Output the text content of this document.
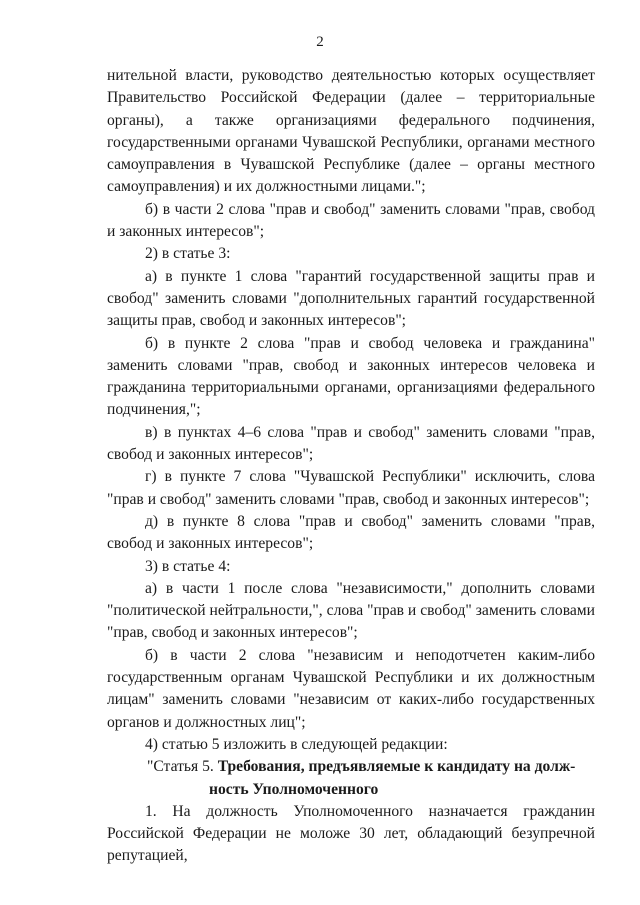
2

нительной власти, руководство деятельностью которых осуществляет Правительство Российской Федерации (далее – территориальные органы), а также организациями федерального подчинения, государственными органами Чувашской Республики, органами местного самоуправления в Чувашской Республике (далее – органы местного самоуправления) и их должностными лицами.";

б) в части 2 слова "прав и свобод" заменить словами "прав, свобод и законных интересов";

2) в статье 3:

а) в пункте 1 слова "гарантий государственной защиты прав и свобод" заменить словами "дополнительных гарантий государственной защиты прав, свобод и законных интересов";

б) в пункте 2 слова "прав и свобод человека и гражданина" заменить словами "прав, свобод и законных интересов человека и гражданина территориальными органами, организациями федерального подчинения,";

в) в пунктах 4–6 слова "прав и свобод" заменить словами "прав, свобод и законных интересов";

г) в пункте 7 слова "Чувашской Республики" исключить, слова "прав и свобод" заменить словами "прав, свобод и законных интересов";

д) в пункте 8 слова "прав и свобод" заменить словами "прав, свобод и законных интересов";

3) в статье 4:

а) в части 1 после слова "независимости," дополнить словами "политической нейтральности,", слова "прав и свобод" заменить словами "прав, свобод и законных интересов";

б) в части 2 слова "независим и неподотчетен каким-либо государственным органам Чувашской Республики и их должностным лицам" заменить словами "независим от каких-либо государственных органов и должностных лиц";

4) статью 5 изложить в следующей редакции:

"Статья 5. Требования, предъявляемые к кандидату на долж-
ность Уполномоченного

1. На должность Уполномоченного назначается гражданин Российской Федерации не моложе 30 лет, обладающий безупречной репутацией,
